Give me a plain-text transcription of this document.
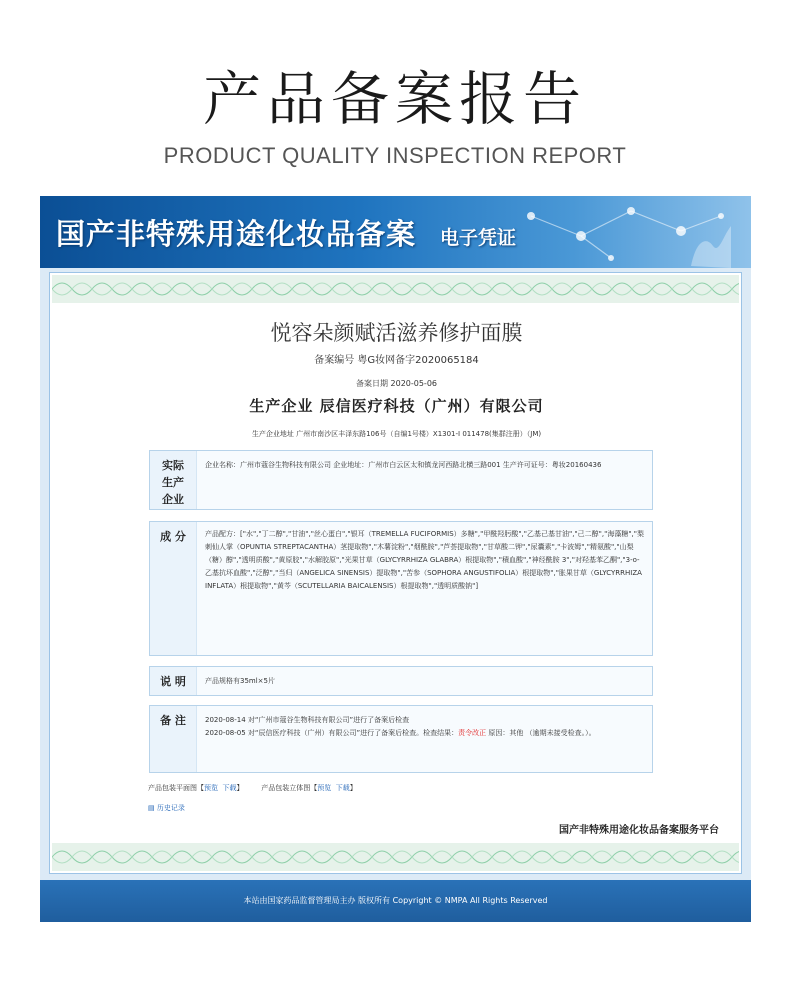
产品备案报告
PRODUCT QUALITY INSPECTION REPORT
国产非特殊用途化妆品备案 电子凭证
悦容朵颜赋活滋养修护面膜
备案编号 粤G妆网备字2020065184
备案日期 2020-05-06
生产企业 辰信医疗科技（广州）有限公司
生产企业地址 广州市南沙区丰泽东路106号（自编1号楼）X1301-I 011478(集群注册）（JM)
实际生产企业
企业名称：广州市蔻谷生物科技有限公司 企业地址：广州市白云区太和镇龙河西路北横三路001 生产许可证号：粤妆20160436
成 分	产品配方：["水","丁二醇","甘油","丝心蛋白","银耳（TREMELLA FUCIFORMIS）多糖","甲酰羟肟酸","乙基己基甘油","己二醇","海藻糖","梨刺仙人掌（OPUNTIA STREPTACANTHA）茎提取物","木薯淀粉","烟酰胺","芦荟提取物","甘草酸二钾","尿囊素","卡波姆","精氨酸","山梨（糖）醇","透明质酸","黄原胶","水解胶原","光果甘草（GLYCYRRHIZA GLABRA）根提取物","積血酸","神经酰胺 3","对羟基苯乙酮","3-o-乙基抗坏血酸","泛醇","当归（ANGELICA SINENSIS）提取物","苦参（SOPHORA ANGUSTIFOLIA）根提取物","胀果甘草（GLYCYRRHIZA INFLATA）根提取物","黄芩（SCUTELLARIA BAICALENSIS）根提取物","透明质酸钠"]
说 明	产品规格有35ml×5片
备 注	2020-08-14 对“广州市蔻谷生物科技有限公司”进行了备案后检查
2020-08-05 对“辰信医疗科技（广州）有限公司”进行了备案后检查。检查结果：责令改正 原因：其他 （逾期未接受检查。）。
产品包装平面图【预览 下载】	产品包装立体图【预览 下载】
▤ 历史记录
国产非特殊用途化妆品备案服务平台
本站由国家药品监督管理局主办 版权所有 Copyright © NMPA All Rights Reserved
